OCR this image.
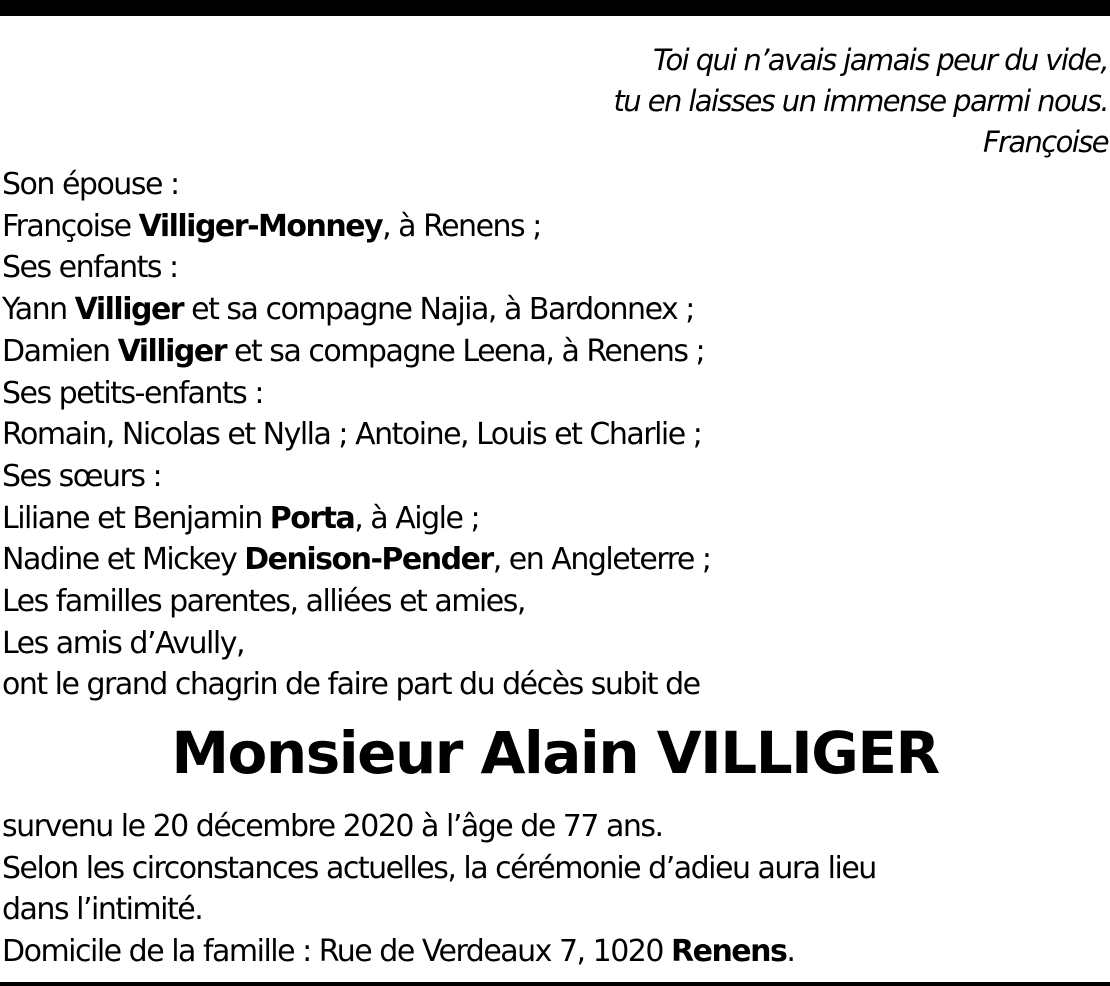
Toi qui n’avais jamais peur du vide,
tu en laisses un immense parmi nous.
Françoise
Son épouse :
Françoise Villiger-Monney, à Renens ;
Ses enfants :
Yann Villiger et sa compagne Najia, à Bardonnex ;
Damien Villiger et sa compagne Leena, à Renens ;
Ses petits-enfants :
Romain, Nicolas et Nylla ; Antoine, Louis et Charlie ;
Ses sœurs :
Liliane et Benjamin Porta, à Aigle ;
Nadine et Mickey Denison-Pender, en Angleterre ;
Les familles parentes, alliées et amies,
Les amis d’Avully,
ont le grand chagrin de faire part du décès subit de
Monsieur Alain VILLIGER
survenu le 20 décembre 2020 à l’âge de 77 ans.
Selon les circonstances actuelles, la cérémonie d’adieu aura lieu
dans l’intimité.
Domicile de la famille : Rue de Verdeaux 7, 1020 Renens.
